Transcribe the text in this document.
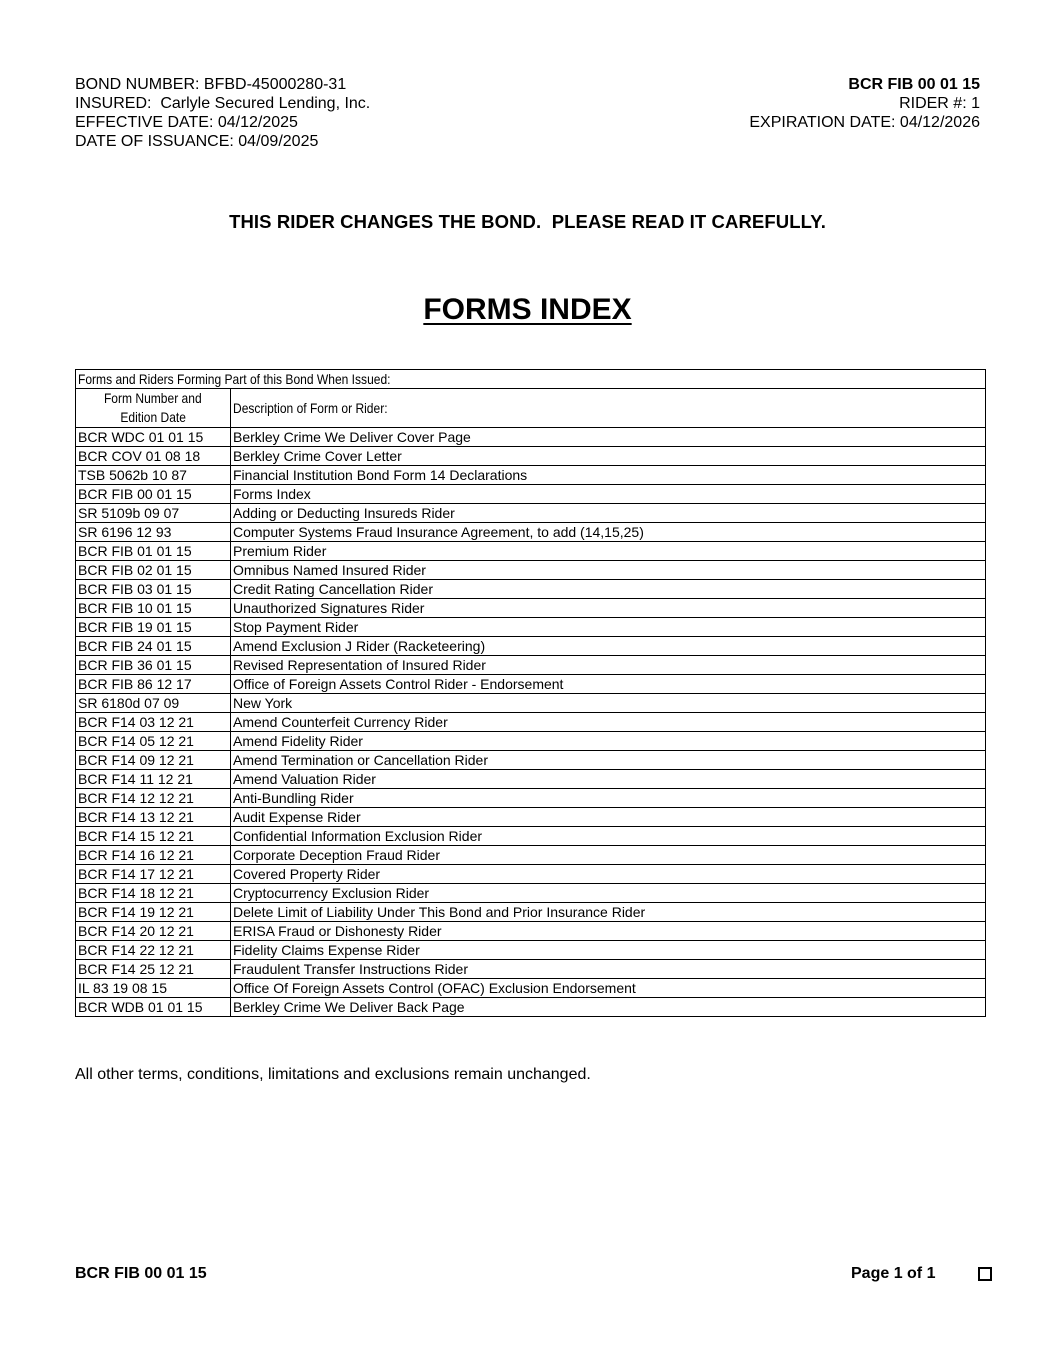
BOND NUMBER: BFBD-45000280-31
INSURED:  Carlyle Secured Lending, Inc.
EFFECTIVE DATE: 04/12/2025
DATE OF ISSUANCE: 04/09/2025
BCR FIB 00 01 15
RIDER #: 1
EXPIRATION DATE: 04/12/2026
THIS RIDER CHANGES THE BOND.  PLEASE READ IT CAREFULLY.
FORMS INDEX
Forms and Riders Forming Part of this Bond When Issued:	
Form Number and
Edition Date	Description of Form or Rider:
BCR WDC 01 01 15	Berkley Crime We Deliver Cover Page
BCR COV 01 08 18	Berkley Crime Cover Letter
TSB 5062b 10 87	Financial Institution Bond Form 14 Declarations
BCR FIB 00 01 15	Forms Index
SR 5109b 09 07	Adding or Deducting Insureds Rider
SR 6196 12 93	Computer Systems Fraud Insurance Agreement, to add (14,15,25)
BCR FIB 01 01 15	Premium Rider
BCR FIB 02 01 15	Omnibus Named Insured Rider
BCR FIB 03 01 15	Credit Rating Cancellation Rider
BCR FIB 10 01 15	Unauthorized Signatures Rider
BCR FIB 19 01 15	Stop Payment Rider
BCR FIB 24 01 15	Amend Exclusion J Rider (Racketeering)
BCR FIB 36 01 15	Revised Representation of Insured Rider
BCR FIB 86 12 17	Office of Foreign Assets Control Rider - Endorsement
SR 6180d 07 09	New York
BCR F14 03 12 21	Amend Counterfeit Currency Rider
BCR F14 05 12 21	Amend Fidelity Rider
BCR F14 09 12 21	Amend Termination or Cancellation Rider
BCR F14 11 12 21	Amend Valuation Rider
BCR F14 12 12 21	Anti-Bundling Rider
BCR F14 13 12 21	Audit Expense Rider
BCR F14 15 12 21	Confidential Information Exclusion Rider
BCR F14 16 12 21	Corporate Deception Fraud Rider
BCR F14 17 12 21	Covered Property Rider
BCR F14 18 12 21	Cryptocurrency Exclusion Rider
BCR F14 19 12 21	Delete Limit of Liability Under This Bond and Prior Insurance Rider
BCR F14 20 12 21	ERISA Fraud or Dishonesty Rider
BCR F14 22 12 21	Fidelity Claims Expense Rider
BCR F14 25 12 21	Fraudulent Transfer Instructions Rider
IL 83 19 08 15	Office Of Foreign Assets Control (OFAC) Exclusion Endorsement
BCR WDB 01 01 15	Berkley Crime We Deliver Back Page
All other terms, conditions, limitations and exclusions remain unchanged.
BCR FIB 00 01 15	Page 1 of 1
